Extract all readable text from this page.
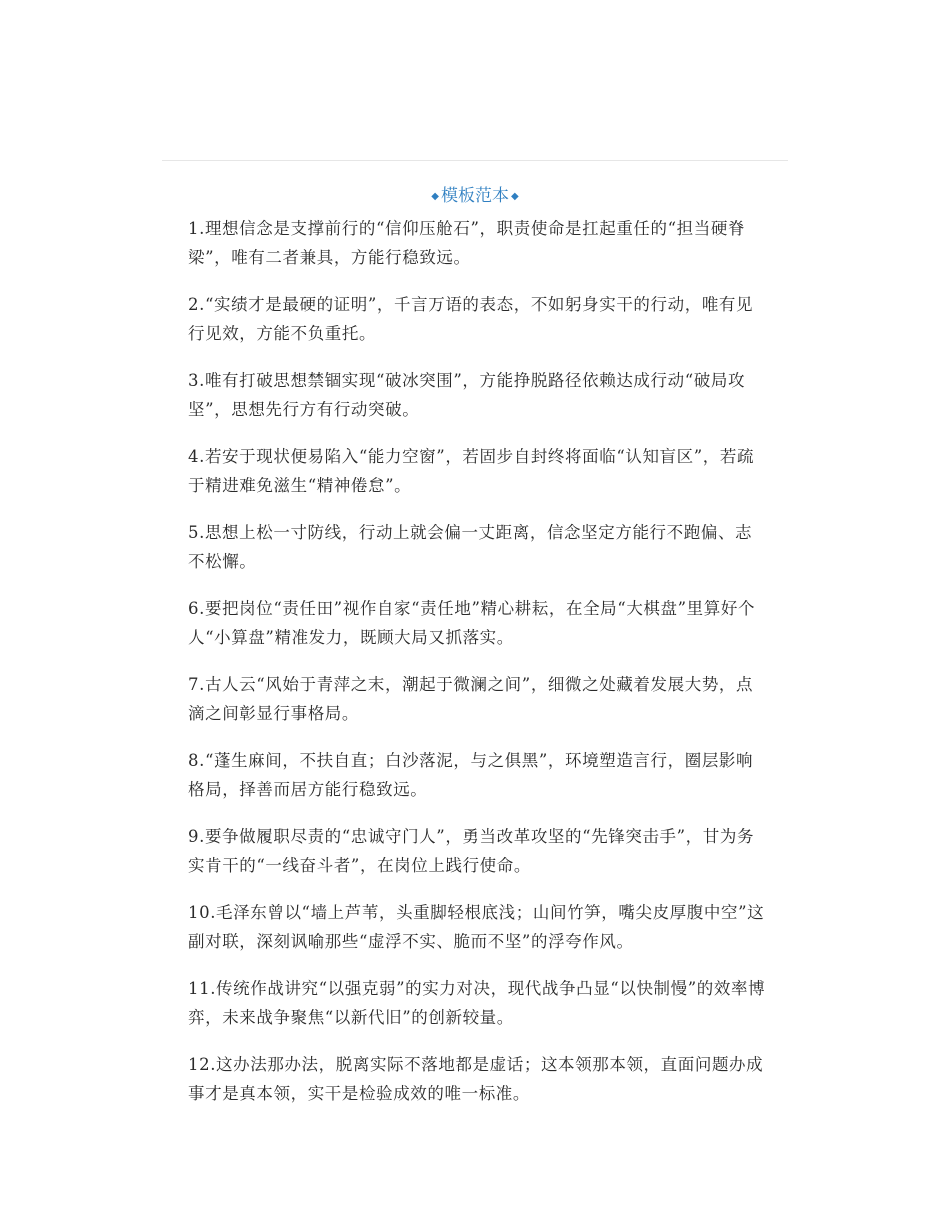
◆ 模板范本 ◆
1.理想信念是支撑前行的“信仰压舱石”，职责使命是扛起重任的“担当硬脊梁”，唯有二者兼具，方能行稳致远。
2.“实绩才是最硬的证明”，千言万语的表态，不如躬身实干的行动，唯有见行见效，方能不负重托。
3.唯有打破思想禁锢实现“破冰突围”，方能挣脱路径依赖达成行动“破局攻坚”，思想先行方有行动突破。
4.若安于现状便易陷入“能力空窗”，若固步自封终将面临“认知盲区”，若疏于精进难免滋生“精神倦怠”。
5.思想上松一寸防线，行动上就会偏一丈距离，信念坚定方能行不跑偏、志不松懈。
6.要把岗位“责任田”视作自家“责任地”精心耕耘，在全局“大棋盘”里算好个人“小算盘”精准发力，既顾大局又抓落实。
7.古人云“风始于青萍之末，潮起于微澜之间”，细微之处藏着发展大势，点滴之间彰显行事格局。
8.“蓬生麻间，不扶自直；白沙落泥，与之俱黑”，环境塑造言行，圈层影响格局，择善而居方能行稳致远。
9.要争做履职尽责的“忠诚守门人”，勇当改革攻坚的“先锋突击手”，甘为务实肯干的“一线奋斗者”，在岗位上践行使命。
10.毛泽东曾以“墙上芦苇，头重脚轻根底浅；山间竹笋，嘴尖皮厚腹中空”这副对联，深刻讽喻那些“虚浮不实、脆而不坚”的浮夸作风。
11.传统作战讲究“以强克弱”的实力对决，现代战争凸显“以快制慢”的效率博弈，未来战争聚焦“以新代旧”的创新较量。
12.这办法那办法，脱离实际不落地都是虚话；这本领那本领，直面问题办成事才是真本领，实干是检验成效的唯一标准。
